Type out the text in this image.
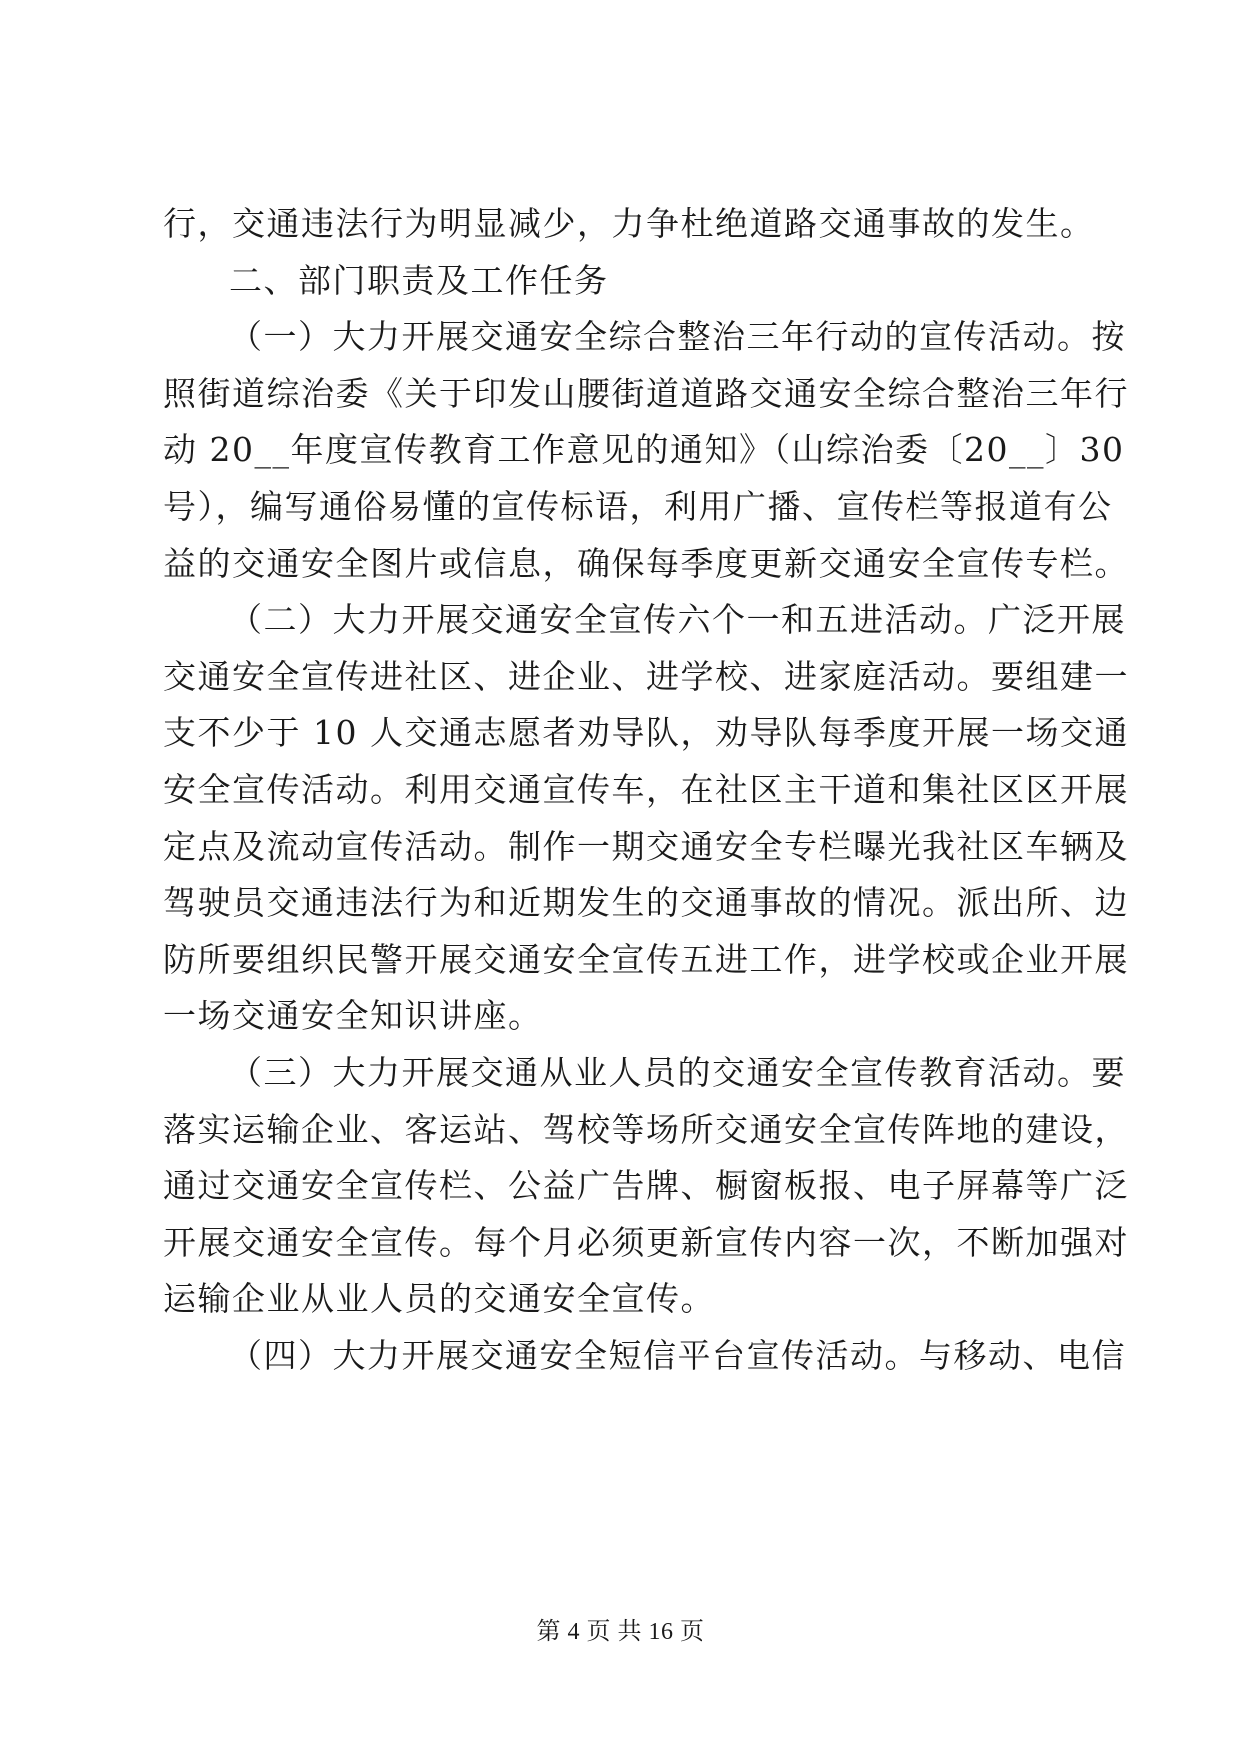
行，交通违法行为明显减少，力争杜绝道路交通事故的发生。

二、部门职责及工作任务

（一）大力开展交通安全综合整治三年行动的宣传活动。按
照街道综治委《关于印发山腰街道道路交通安全综合整治三年行
动 20__年度宣传教育工作意见的通知》（山综治委〔20__〕30
号），编写通俗易懂的宣传标语，利用广播、宣传栏等报道有公
益的交通安全图片或信息，确保每季度更新交通安全宣传专栏。

（二）大力开展交通安全宣传六个一和五进活动。广泛开展
交通安全宣传进社区、进企业、进学校、进家庭活动。要组建一
支不少于 10 人交通志愿者劝导队，劝导队每季度开展一场交通
安全宣传活动。利用交通宣传车，在社区主干道和集社区区开展
定点及流动宣传活动。制作一期交通安全专栏曝光我社区车辆及
驾驶员交通违法行为和近期发生的交通事故的情况。派出所、边
防所要组织民警开展交通安全宣传五进工作，进学校或企业开展
一场交通安全知识讲座。

（三）大力开展交通从业人员的交通安全宣传教育活动。要
落实运输企业、客运站、驾校等场所交通安全宣传阵地的建设，
通过交通安全宣传栏、公益广告牌、橱窗板报、电子屏幕等广泛
开展交通安全宣传。每个月必须更新宣传内容一次，不断加强对
运输企业从业人员的交通安全宣传。

（四）大力开展交通安全短信平台宣传活动。与移动、电信

第 4 页 共 16 页
